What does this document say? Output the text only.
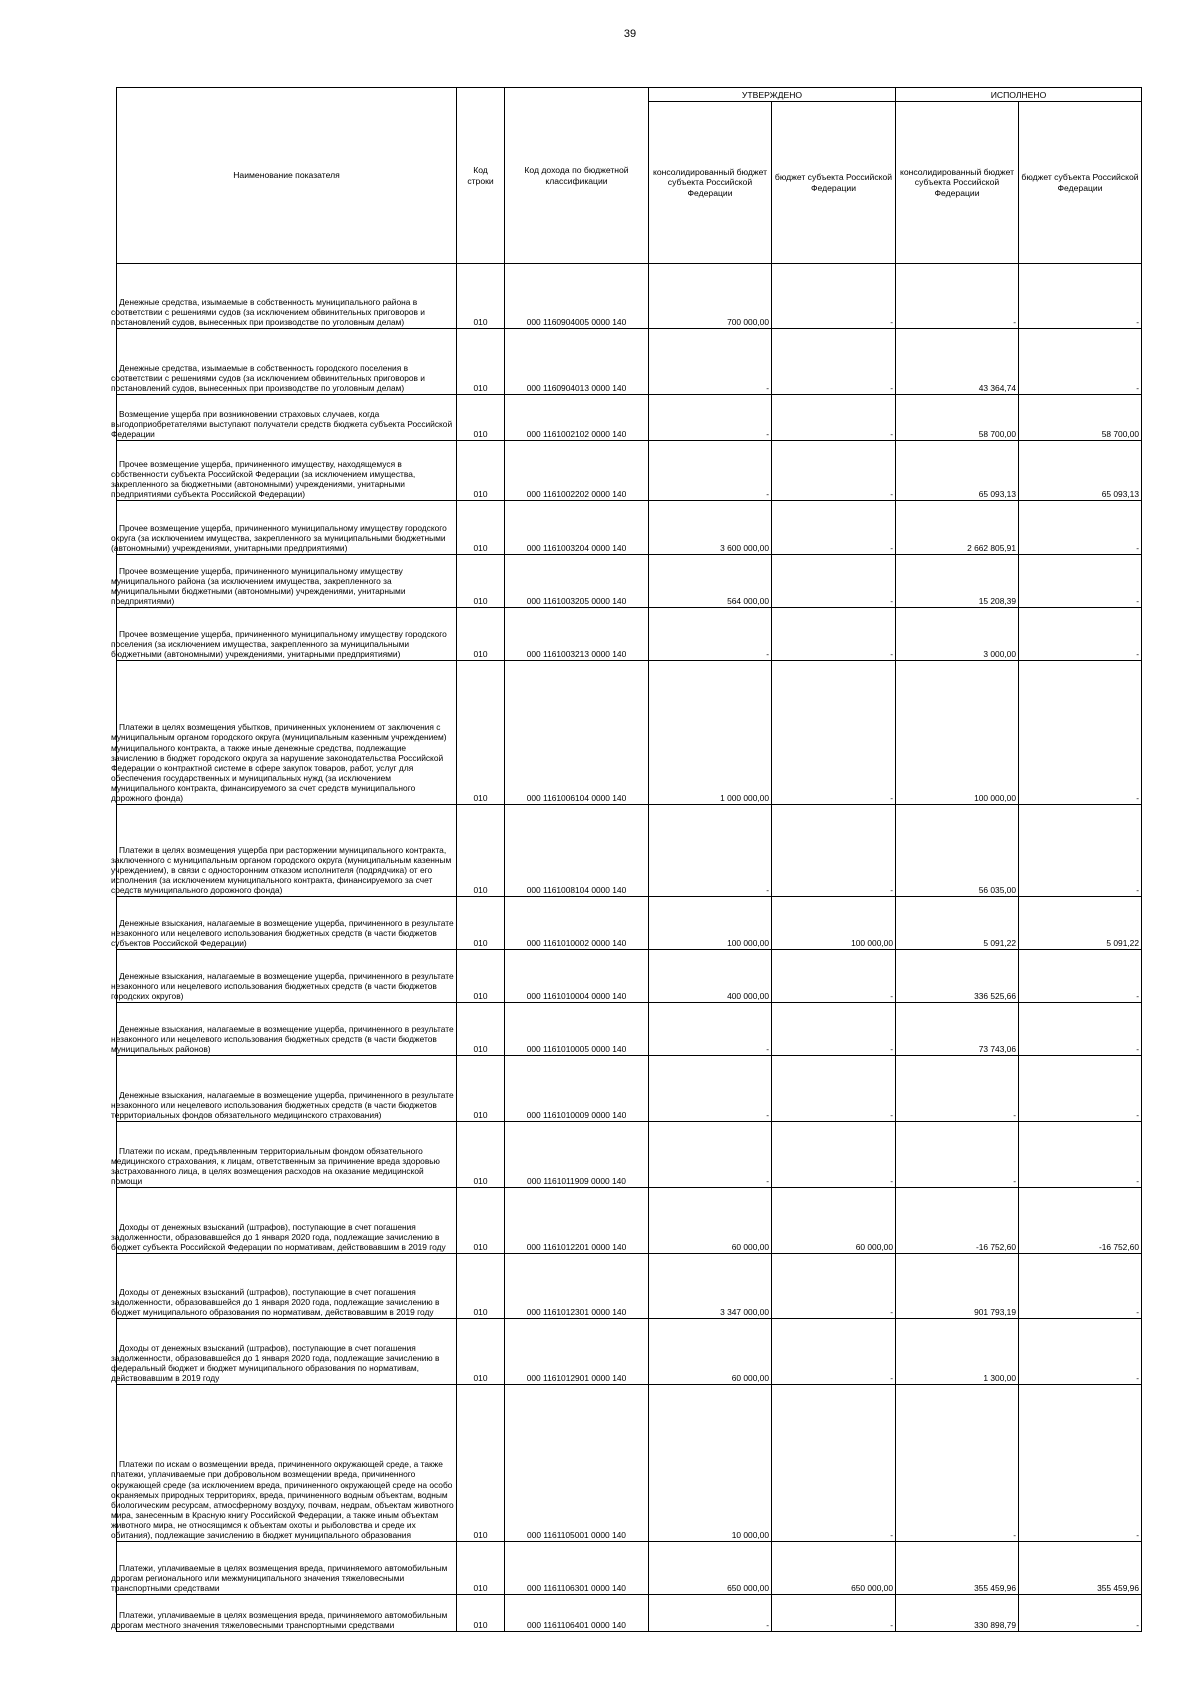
39
Наименование показателя	Код строки	Код дохода по бюджетной классификации	УТВЕРЖДЕНО		ИСПОЛНЕНО	
			консолидированный бюджет субъекта Российской Федерации	бюджет субъекта Российской Федерации	консолидированный бюджет субъекта Российской Федерации	бюджет субъекта Российской Федерации

Денежные средства, изымаемые в собственность муниципального района в соответствии с решениями судов (за исключением обвинительных приговоров и постановлений судов, вынесенных при производстве по уголовным делам)	010	000 1160904005 0000 140	700 000,00	-	-	-

Денежные средства, изымаемые в собственность городского поселения в соответствии с решениями судов (за исключением обвинительных приговоров и постановлений судов, вынесенных при производстве по уголовным делам)	010	000 1160904013 0000 140	-	-	43 364,74	-

Возмещение ущерба при возникновении страховых случаев, когда выгодоприобретателями выступают получатели средств бюджета субъекта Российской Федерации	010	000 1161002102 0000 140	-	-	58 700,00	58 700,00

Прочее возмещение ущерба, причиненного имуществу, находящемуся в собственности субъекта Российской Федерации (за исключением имущества, закрепленного за бюджетными (автономными) учреждениями, унитарными предприятиями субъекта Российской Федерации)	010	000 1161002202 0000 140	-	-	65 093,13	65 093,13

Прочее возмещение ущерба, причиненного муниципальному имуществу городского округа (за исключением имущества, закрепленного за муниципальными бюджетными (автономными) учреждениями, унитарными предприятиями)	010	000 1161003204 0000 140	3 600 000,00	-	2 662 805,91	-

Прочее возмещение ущерба, причиненного муниципальному имуществу муниципального района (за исключением имущества, закрепленного за муниципальными бюджетными (автономными) учреждениями, унитарными предприятиями)	010	000 1161003205 0000 140	564 000,00	-	15 208,39	-

Прочее возмещение ущерба, причиненного муниципальному имуществу городского поселения (за исключением имущества, закрепленного за муниципальными бюджетными (автономными) учреждениями, унитарными предприятиями)	010	000 1161003213 0000 140	-	-	3 000,00	-

Платежи в целях возмещения убытков, причиненных уклонением от заключения с муниципальным органом городского округа (муниципальным казенным учреждением) муниципального контракта, а также иные денежные средства, подлежащие зачислению в бюджет городского округа за нарушение законодательства Российской Федерации о контрактной системе в сфере закупок товаров, работ, услуг для обеспечения государственных и муниципальных нужд (за исключением муниципального контракта, финансируемого за счет средств муниципального дорожного фонда)	010	000 1161006104 0000 140	1 000 000,00	-	100 000,00	-

Платежи в целях возмещения ущерба при расторжении муниципального контракта, заключенного с муниципальным органом городского округа (муниципальным казенным учреждением), в связи с односторонним отказом исполнителя (подрядчика) от его исполнения (за исключением муниципального контракта, финансируемого за счет средств муниципального дорожного фонда)	010	000 1161008104 0000 140	-	-	56 035,00	-

Денежные взыскания, налагаемые в возмещение ущерба, причиненного в результате незаконного или нецелевого использования бюджетных средств (в части бюджетов субъектов Российской Федерации)	010	000 1161010002 0000 140	100 000,00	100 000,00	5 091,22	5 091,22

Денежные взыскания, налагаемые в возмещение ущерба, причиненного в результате незаконного или нецелевого использования бюджетных средств (в части бюджетов городских округов)	010	000 1161010004 0000 140	400 000,00	-	336 525,66	-

Денежные взыскания, налагаемые в возмещение ущерба, причиненного в результате незаконного или нецелевого использования бюджетных средств (в части бюджетов муниципальных районов)	010	000 1161010005 0000 140	-	-	73 743,06	-

Денежные взыскания, налагаемые в возмещение ущерба, причиненного в результате незаконного или нецелевого использования бюджетных средств (в части бюджетов территориальных фондов обязательного медицинского страхования)	010	000 1161010009 0000 140	-	-	-	-

Платежи по искам, предъявленным территориальным фондом обязательного медицинского страхования, к лицам, ответственным за причинение вреда здоровью застрахованного лица, в целях возмещения расходов на оказание медицинской помощи	010	000 1161011909 0000 140	-	-	-	-

Доходы от денежных взысканий (штрафов), поступающие в счет погашения задолженности, образовавшейся до 1 января 2020 года, подлежащие зачислению в бюджет субъекта Российской Федерации по нормативам, действовавшим в 2019 году	010	000 1161012201 0000 140	60 000,00	60 000,00	-16 752,60	-16 752,60

Доходы от денежных взысканий (штрафов), поступающие в счет погашения задолженности, образовавшейся до 1 января 2020 года, подлежащие зачислению в бюджет муниципального образования по нормативам, действовавшим в 2019 году	010	000 1161012301 0000 140	3 347 000,00	-	901 793,19	-

Доходы от денежных взысканий (штрафов), поступающие в счет погашения задолженности, образовавшейся до 1 января 2020 года, подлежащие зачислению в федеральный бюджет и бюджет муниципального образования по нормативам, действовавшим в 2019 году	010	000 1161012901 0000 140	60 000,00	-	1 300,00	-

Платежи по искам о возмещении вреда, причиненного окружающей среде, а также платежи, уплачиваемые при добровольном возмещении вреда, причиненного окружающей среде (за исключением вреда, причиненного окружающей среде на особо охраняемых природных территориях, вреда, причиненного водным объектам, водным биологическим ресурсам, атмосферному воздуху, почвам, недрам, объектам животного мира, занесенным в Красную книгу Российской Федерации, а также иным объектам животного мира, не относящимся к объектам охоты и рыболовства и среде их обитания), подлежащие зачислению в бюджет муниципального образования	010	000 1161105001 0000 140	10 000,00	-	-	-

Платежи, уплачиваемые в целях возмещения вреда, причиняемого автомобильным дорогам регионального или межмуниципального значения тяжеловесными транспортными средствами	010	000 1161106301 0000 140	650 000,00	650 000,00	355 459,96	355 459,96

Платежи, уплачиваемые в целях возмещения вреда, причиняемого автомобильным дорогам местного значения тяжеловесными транспортными средствами	010	000 1161106401 0000 140	-	-	330 898,79	-
